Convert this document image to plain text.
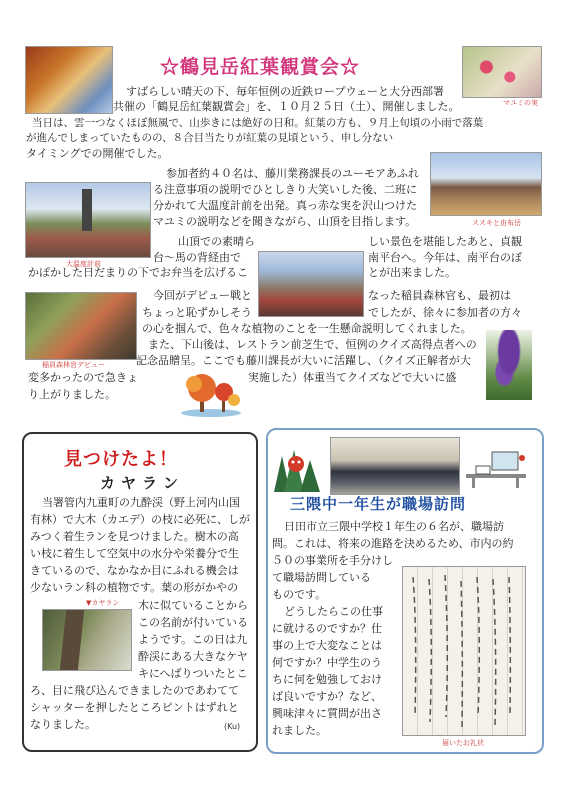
マユミの実
ススキと由布岳
大温度計前
稲員森林官デビュー
☆鶴見岳紅葉観賞会☆
すばらしい晴天の下、毎年恒例の近鉄ロープウェーと大分西部署
共催の「鶴見岳紅葉観賞会」を、１０月２５日（土）、開催しました。
当日は、雲一つなくほぼ無風で、山歩きには絶好の日和。紅葉の方も、９月上旬頃の小雨で落葉
が進んでしまっていたものの、８合目当たりが紅葉の見頃という、申し分ない
タイミングでの開催でした。
参加者約４０名は、藤川業務課長のユーモアあふれ
る注意事項の説明でひとしきり大笑いした後、二班に
分かれて大温度計前を出発。真っ赤な実を沢山つけた
マユミの説明などを聞きながら、山頂を目指します。
山頂での素晴ら	しい景色を堪能したあと、貞観
台～馬の背経由で	南平台へ。今年は、南平台のぼ
かぽかした日だまりの下でお弁当を広げるこ	とが出来ました。
今回がデビュー戦と	なった稲員森林官も、最初は
ちょっと恥ずかしそう	でしたが、徐々に参加者の方々
の心を掴んで、色々な植物のことを一生懸命説明してくれました。
また、下山後は、レストラン前芝生で、恒例のクイズ高得点者への
記念品贈呈。ここでも藤川課長が大いに活躍し、（クイズ正解者が大
変多かったので急きょ	実施した）体重当てクイズなどで大いに盛
り上がりました。
見つけたよ！
カヤラン
当署管内九重町の九酔渓（野上河内山国
有林）で大木（カエデ）の枝に必死に、しが
みつく着生ランを見つけました。樹木の高
い枝に着生して空気中の水分や栄養分で生
きているので、なかなか目にふれる機会は
少ないラン科の植物です。葉の形がかやの
▼カヤラン 木に似ていることから
この名前が付いている
ようです。この日は九
酔渓にある大きなケヤ
キにへばりついたとこ
ろ、目に飛び込んできましたのであわてて
シャッターを押したところピントはずれと
なりました。	(Ku)
三隈中一年生が職場訪問
日田市立三隈中学校１年生の６名が、職場訪
問。これは、将来の進路を決めるため、市内の約
５０の事業所を手分けし
て職場訪問している
ものです。
どうしたらこの仕事
に就けるのですか？仕
事の上で大変なことは
何ですか？中学生のう
ちに何を勉強しておけ
ば良いですか？など、
興味津々に質問が出さ
れました。
届いたお礼状
